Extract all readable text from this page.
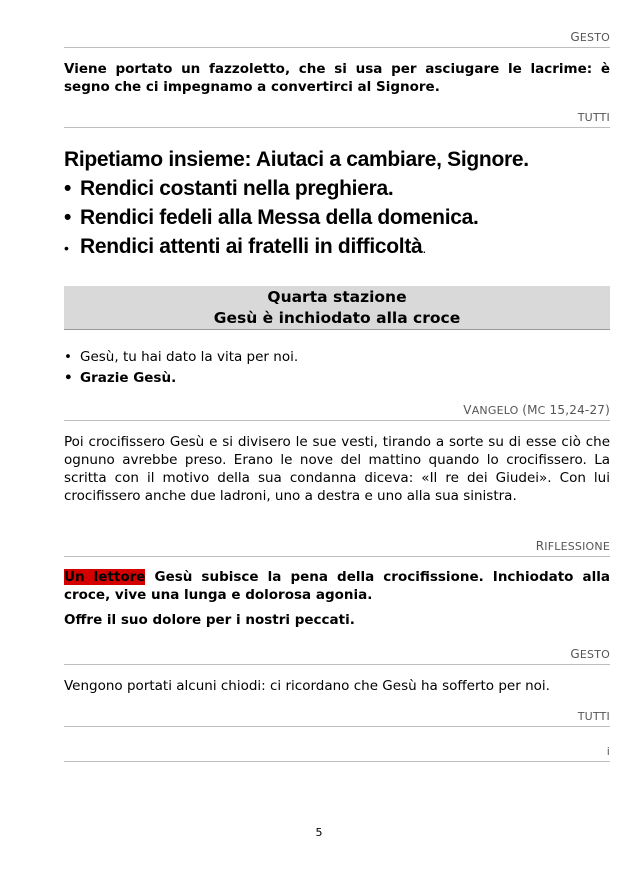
GESTO
Viene portato un fazzoletto, che si usa per asciugare le lacrime: è segno che ci impegnamo a convertirci al Signore.
TUTTI
Ripetiamo insieme: Aiutaci a cambiare, Signore.
• Rendici costanti nella preghiera.
• Rendici fedeli alla Messa della domenica.
• Rendici attenti ai fratelli in difficoltà.
Quarta stazione
Gesù è inchiodato alla croce
• Gesù, tu hai dato la vita per noi.
• Grazie Gesù.
VANGELO (MC 15,24-27)
Poi crocifissero Gesù e si divisero le sue vesti, tirando a sorte su di esse ciò che ognuno avrebbe preso. Erano le nove del mattino quando lo crocifissero. La scritta con il motivo della sua condanna diceva: «Il re dei Giudei». Con lui crocifissero anche due ladroni, uno a destra e uno alla sua sinistra.
RIFLESSIONE
Un lettore Gesù subisce la pena della crocifissione. Inchiodato alla croce, vive una lunga e dolorosa agonia.
Offre il suo dolore per i nostri peccati.
GESTO
Vengono portati alcuni chiodi: ci ricordano che Gesù ha sofferto per noi.
TUTTI
i
5
